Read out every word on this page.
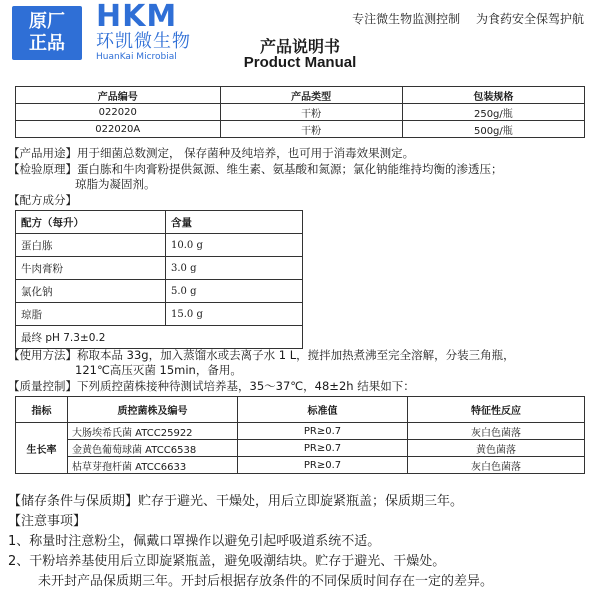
原厂
正品
HKM
环凯微生物
HuanKai Microbial
专注微生物监测控制 为食药安全保驾护航
产品说明书
Product Manual
产品编号	产品类型	包装规格
022020	干粉	250g/瓶
022020A	干粉	500g/瓶
【产品用途】用于细菌总数测定， 保存菌种及纯培养，也可用于消毒效果测定。
【检验原理】蛋白胨和牛肉膏粉提供氮源、维生素、氨基酸和氮源；氯化钠能维持均衡的渗透压；
琼脂为凝固剂。
【配方成分】
配方（每升）	含量
蛋白胨	10.0 g
牛肉膏粉	3.0 g
氯化钠	5.0 g
琼脂	15.0 g
最终 pH 7.3±0.2	
【使用方法】称取本品 33g，加入蒸馏水或去离子水 1 L，搅拌加热煮沸至完全溶解，分装三角瓶，
121℃高压灭菌 15min，备用。
【质量控制】下列质控菌株接种待测试培养基，35～37℃，48±2h 结果如下：
指标	质控菌株及编号	标准值	特征性反应
生长率	大肠埃希氏菌 ATCC25922	PR≥0.7	灰白色菌落
	金黄色葡萄球菌 ATCC6538	PR≥0.7	黄色菌落
	枯草芽孢杆菌 ATCC6633	PR≥0.7	灰白色菌落
【储存条件与保质期】贮存于避光、干燥处，用后立即旋紧瓶盖；保质期三年。
【注意事项】
1、称量时注意粉尘，佩戴口罩操作以避免引起呼吸道系统不适。
2、干粉培养基使用后立即旋紧瓶盖，避免吸潮结块。贮存于避光、干燥处。
未开封产品保质期三年。开封后根据存放条件的不同保质时间存在一定的差异。
